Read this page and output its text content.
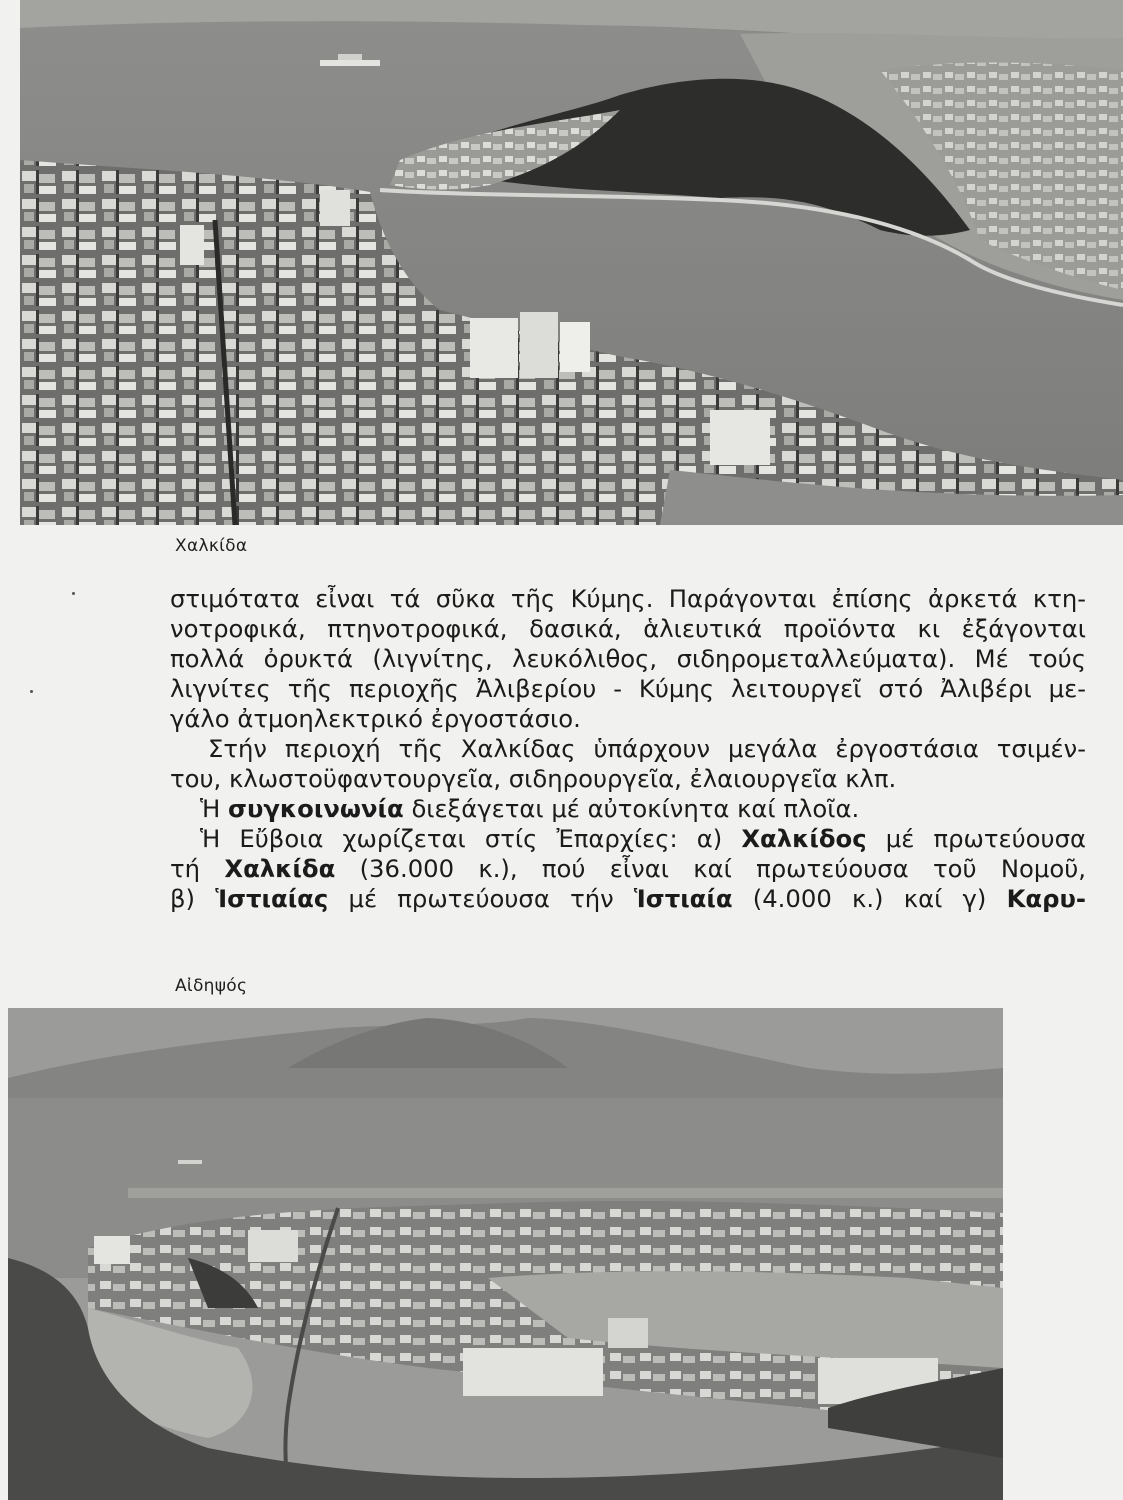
Χαλκίδα
στιμότατα εἶναι τά σῦκα τῆς Κύμης. Παράγονται ἐπίσης ἀρκετά κτη-
νοτροφικά, πτηνοτροφικά, δασικά, ἁλιευτικά προϊόντα κι ἐξάγονται
πολλά ὀρυκτά (λιγνίτης, λευκόλιθος, σιδηρομεταλλεύματα). Μέ τούς
λιγνίτες τῆς περιοχῆς Ἀλιβερίου - Κύμης λειτουργεῖ στό Ἀλιβέρι με-
γάλο ἀτμοηλεκτρικό ἐργοστάσιο.
Στήν περιοχή τῆς Χαλκίδας ὑπάρχουν μεγάλα ἐργοστάσια τσιμέν-
του, κλωστοϋφαντουργεῖα, σιδηρουργεῖα, ἐλαιουργεῖα κλπ.
Ἡ συγκοινωνία διεξάγεται μέ αὐτοκίνητα καί πλοῖα.
Ἡ Εὔβοια χωρίζεται στίς Ἐπαρχίες: α) Χαλκίδος μέ πρωτεύουσα
τή Χαλκίδα (36.000 κ.), πού εἶναι καί πρωτεύουσα τοῦ Νομοῦ,
β) Ἱστιαίας μέ πρωτεύουσα τήν Ἱστιαία (4.000 κ.) καί γ) Καρυ-
Αἰδηψός
